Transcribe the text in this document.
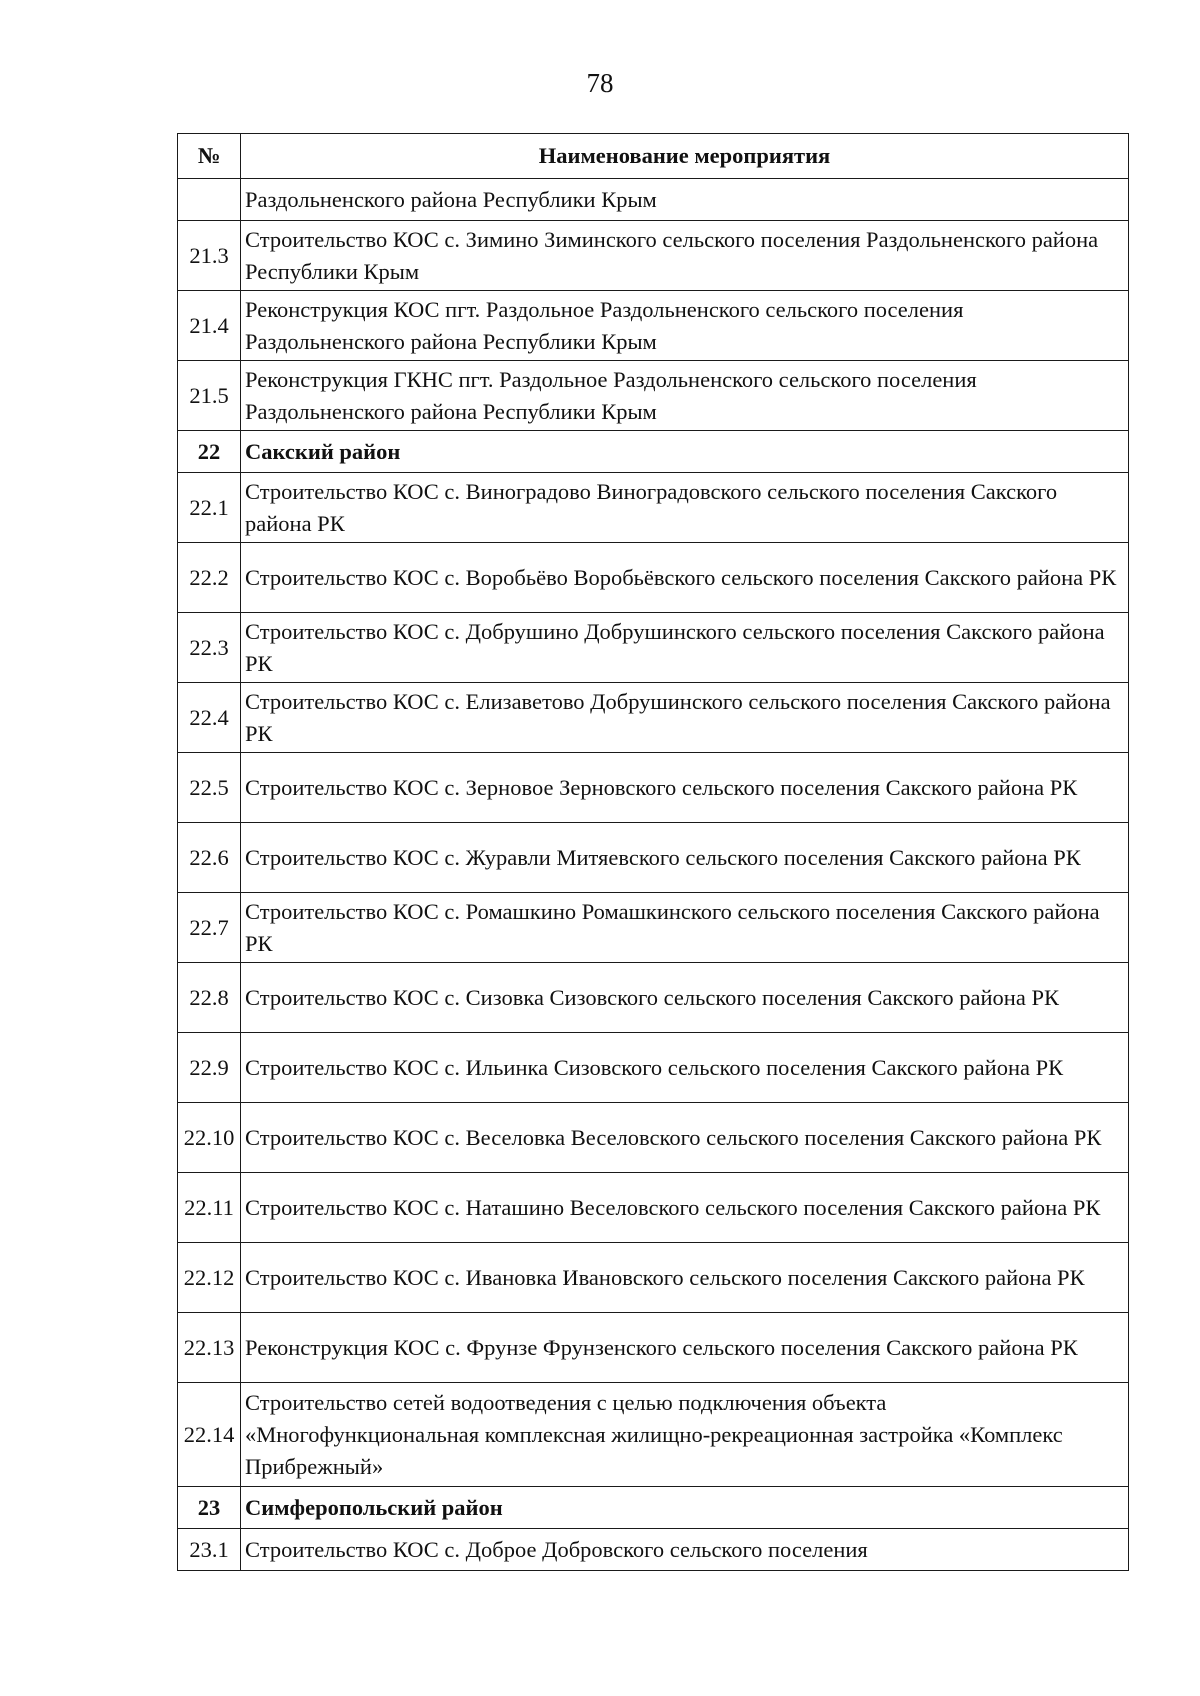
78
№	Наименование мероприятия
	Раздольненского района Республики Крым
21.3	Строительство КОС с. Зимино Зиминского сельского поселения Раздольненского района Республики Крым
21.4	Реконструкция КОС пгт. Раздольное Раздольненского сельского поселения Раздольненского района Республики Крым
21.5	Реконструкция ГКНС пгт. Раздольное Раздольненского сельского поселения Раздольненского района Республики Крым
22	Сакский район
22.1	Строительство КОС с. Виноградово Виноградовского сельского поселения Сакского района РК
22.2	Строительство КОС с. Воробьёво Воробьёвского сельского поселения Сакского района РК
22.3	Строительство КОС с. Добрушино Добрушинского сельского поселения Сакского района РК
22.4	Строительство КОС с. Елизаветово Добрушинского сельского поселения Сакского района РК
22.5	Строительство КОС с. Зерновое Зерновского сельского поселения Сакского района РК
22.6	Строительство КОС с. Журавли Митяевского сельского поселения Сакского района РК
22.7	Строительство КОС с. Ромашкино Ромашкинского сельского поселения Сакского района РК
22.8	Строительство КОС с. Сизовка Сизовского сельского поселения Сакского района РК
22.9	Строительство КОС с. Ильинка Сизовского сельского поселения Сакского района РК
22.10	Строительство КОС с. Веселовка Веселовского сельского поселения Сакского района РК
22.11	Строительство КОС с. Наташино Веселовского сельского поселения Сакского района РК
22.12	Строительство КОС с. Ивановка Ивановского сельского поселения Сакского района РК
22.13	Реконструкция КОС с. Фрунзе Фрунзенского сельского поселения Сакского района РК
22.14	Строительство сетей водоотведения с целью подключения объекта «Многофункциональная комплексная жилищно-рекреационная застройка «Комплекс Прибрежный»
23	Симферопольский район
23.1	Строительство КОС с. Доброе Добровского сельского поселения
